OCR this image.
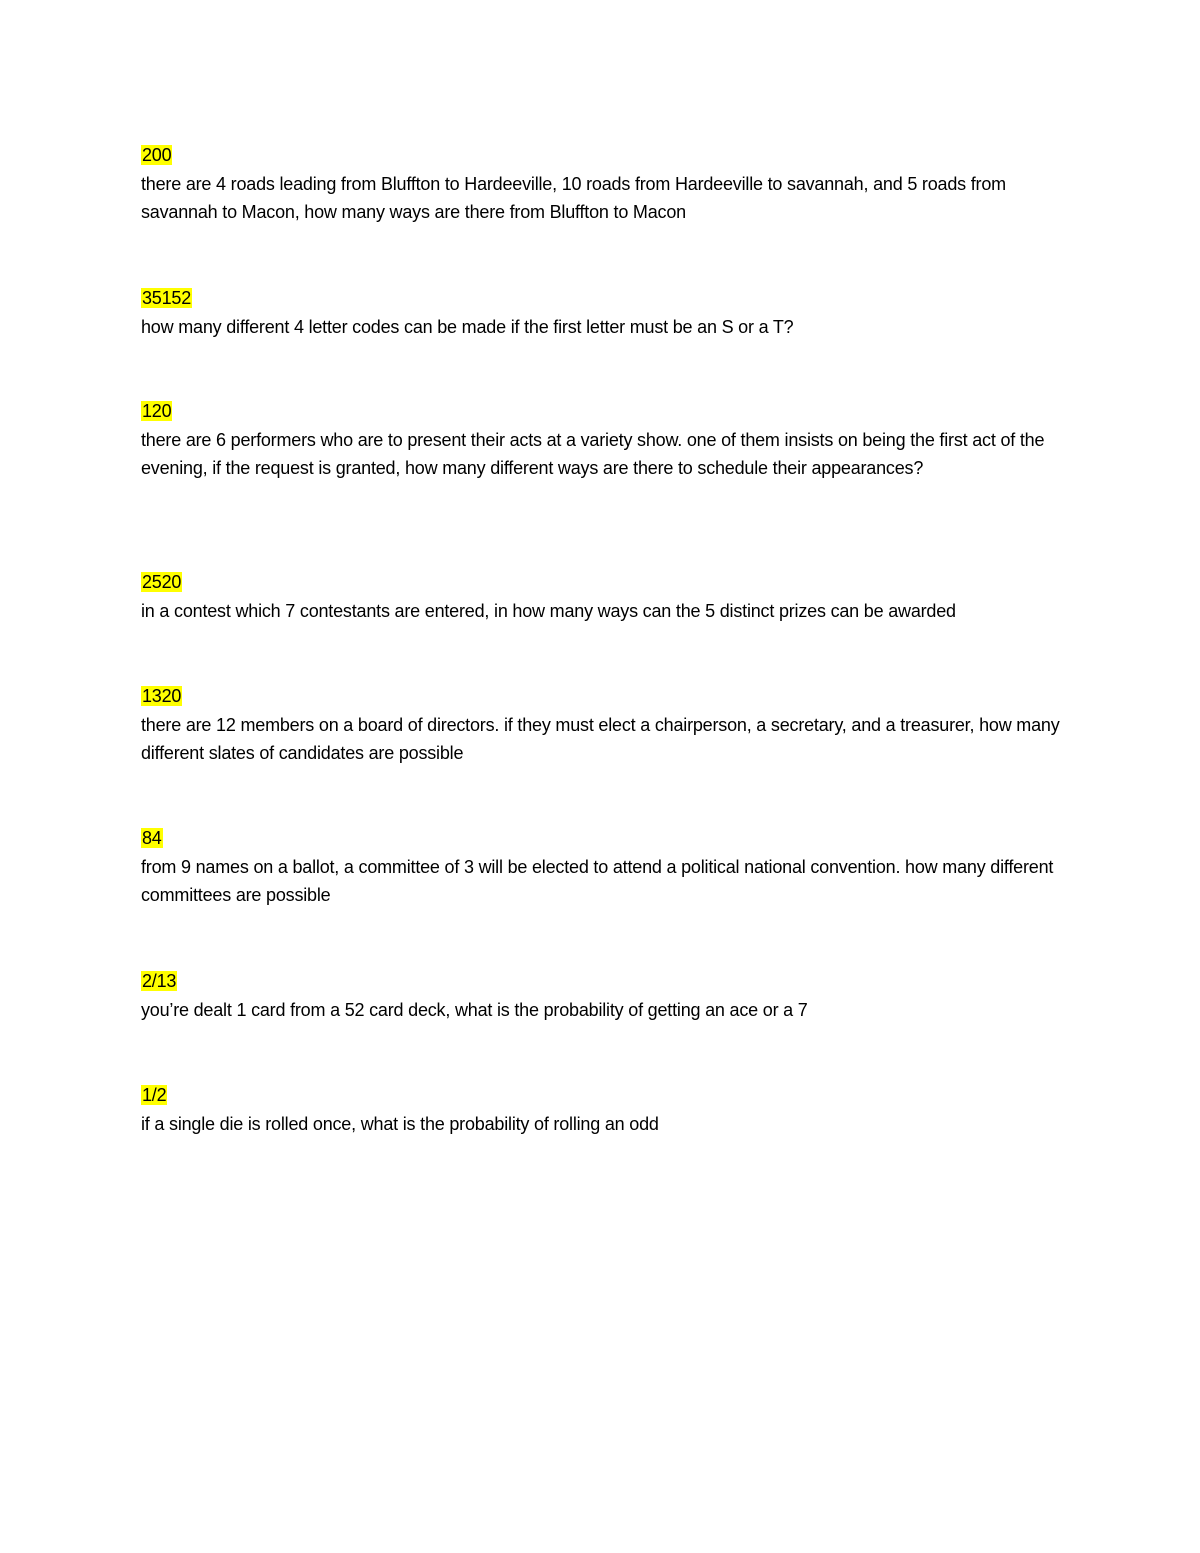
200
there are 4 roads leading from Bluffton to Hardeeville, 10 roads from Hardeeville to savannah, and 5 roads from savannah to Macon, how many ways are there from Bluffton to Macon
35152
how many different 4 letter codes can be made if the first letter must be an S or a T?
120
there are 6 performers who are to present their acts at a variety show. one of them insists on being the first act of the evening, if the request is granted, how many different ways are there to schedule their appearances?
2520
in a contest which 7 contestants are entered, in how many ways can the 5 distinct prizes can be awarded
1320
there are 12 members on a board of directors. if they must elect a chairperson, a secretary, and a treasurer, how many different slates of candidates are possible
84
from 9 names on a ballot, a committee of 3 will be elected to attend a political national convention. how many different committees are possible
2/13
you’re dealt 1 card from a 52 card deck, what is the probability of getting an ace or a 7
1/2
if a single die is rolled once, what is the probability of rolling an odd
